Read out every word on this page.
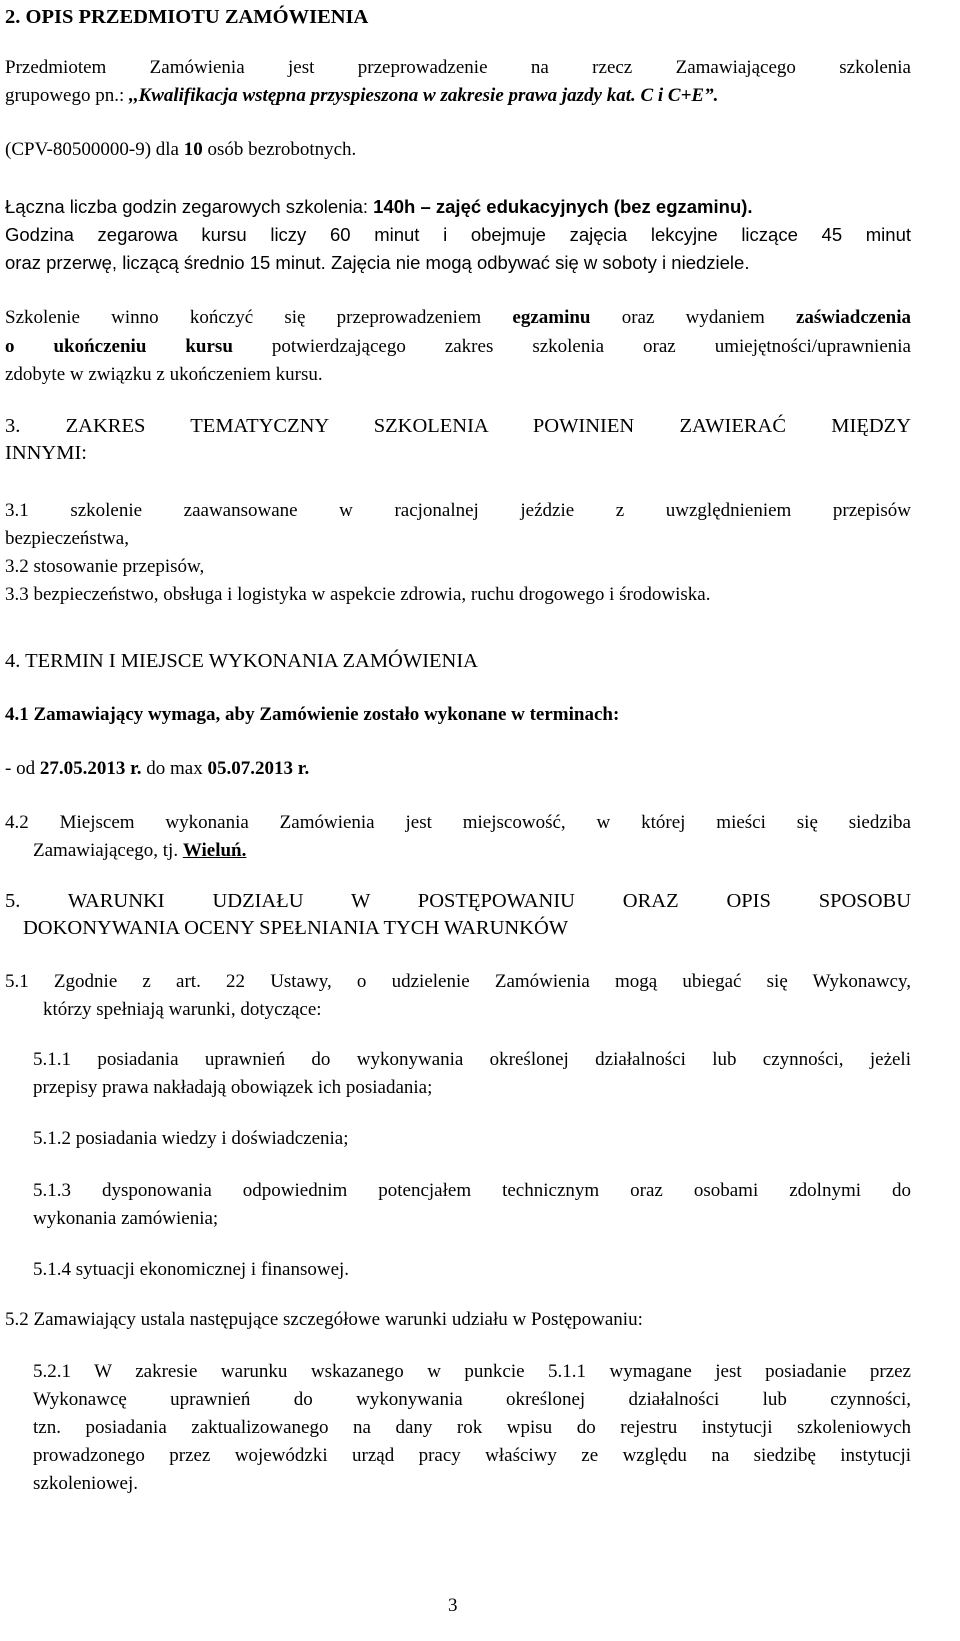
2. OPIS PRZEDMIOTU ZAMÓWIENIA
Przedmiotem Zamówienia jest przeprowadzenie na rzecz Zamawiającego szkolenia
grupowego pn.: ,,Kwalifikacja wstępna przyspieszona w zakresie prawa jazdy kat. C i C+E”.
(CPV-80500000-9) dla 10 osób bezrobotnych.
Łączna liczba godzin zegarowych szkolenia: 140h – zajęć edukacyjnych (bez egzaminu).
Godzina zegarowa kursu liczy 60 minut i obejmuje zajęcia lekcyjne liczące 45 minut
oraz przerwę, liczącą średnio 15 minut. Zajęcia nie mogą odbywać się w soboty i niedziele.
Szkolenie winno kończyć się przeprowadzeniem egzaminu oraz wydaniem zaświadczenia
o ukończeniu kursu potwierdzającego zakres szkolenia oraz umiejętności/uprawnienia
zdobyte w związku z ukończeniem kursu.
3. ZAKRES TEMATYCZNY SZKOLENIA POWINIEN ZAWIERAĆ MIĘDZY
INNYMI:
3.1 szkolenie zaawansowane w racjonalnej jeździe z uwzględnieniem przepisów
bezpieczeństwa,
3.2 stosowanie przepisów,
3.3 bezpieczeństwo, obsługa i logistyka w aspekcie zdrowia, ruchu drogowego i środowiska.
4. TERMIN I MIEJSCE WYKONANIA ZAMÓWIENIA
4.1 Zamawiający wymaga, aby Zamówienie zostało wykonane w terminach:
- od 27.05.2013 r. do max 05.07.2013 r.
4.2 Miejscem wykonania Zamówienia jest miejscowość, w której mieści się siedziba
Zamawiającego, tj. Wieluń.
5. WARUNKI UDZIAŁU W POSTĘPOWANIU ORAZ OPIS SPOSOBU
DOKONYWANIA OCENY SPEŁNIANIA TYCH WARUNKÓW
5.1 Zgodnie z art. 22 Ustawy, o udzielenie Zamówienia mogą ubiegać się Wykonawcy,
którzy spełniają warunki, dotyczące:
5.1.1 posiadania uprawnień do wykonywania określonej działalności lub czynności, jeżeli
przepisy prawa nakładają obowiązek ich posiadania;
5.1.2 posiadania wiedzy i doświadczenia;
5.1.3 dysponowania odpowiednim potencjałem technicznym oraz osobami zdolnymi do
wykonania zamówienia;
5.1.4 sytuacji ekonomicznej i finansowej.
5.2 Zamawiający ustala następujące szczegółowe warunki udziału w Postępowaniu:
5.2.1 W zakresie warunku wskazanego w punkcie 5.1.1 wymagane jest posiadanie przez
Wykonawcę uprawnień do wykonywania określonej działalności lub czynności,
tzn. posiadania zaktualizowanego na dany rok wpisu do rejestru instytucji szkoleniowych
prowadzonego przez wojewódzki urząd pracy właściwy ze względu na siedzibę instytucji
szkoleniowej.
3
